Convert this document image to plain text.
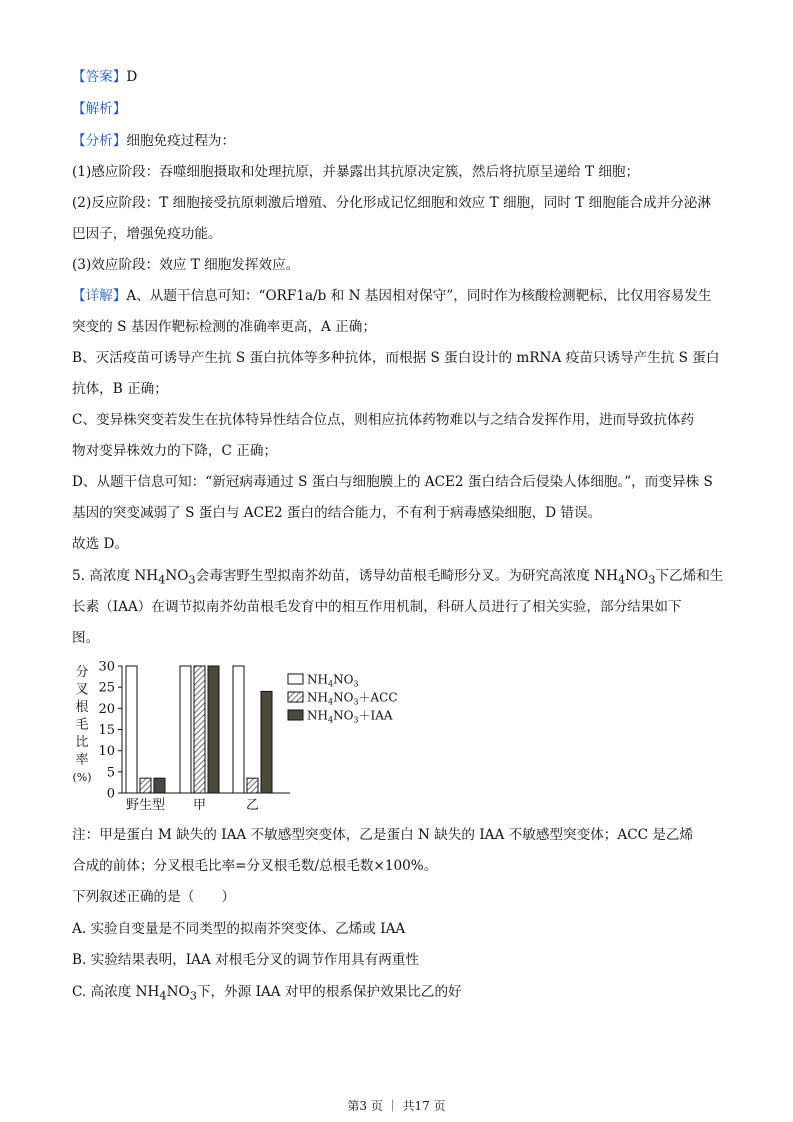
【答案】D
【解析】
【分析】细胞免疫过程为：
(1)感应阶段：吞噬细胞摄取和处理抗原，并暴露出其抗原决定簇，然后将抗原呈递给 T 细胞；
(2)反应阶段：T 细胞接受抗原刺激后增殖、分化形成记忆细胞和效应 T 细胞，同时 T 细胞能合成并分泌淋
巴因子，增强免疫功能。
(3)效应阶段：效应 T 细胞发挥效应。
【详解】A、从题干信息可知：“ORF1a/b 和 N 基因相对保守”，同时作为核酸检测靶标，比仅用容易发生
突变的 S 基因作靶标检测的准确率更高，A 正确；
B、灭活疫苗可诱导产生抗 S 蛋白抗体等多种抗体，而根据 S 蛋白设计的 mRNA 疫苗只诱导产生抗 S 蛋白
抗体，B 正确；
C、变异株突变若发生在抗体特异性结合位点，则相应抗体药物难以与之结合发挥作用，进而导致抗体药
物对变异株效力的下降，C 正确；
D、从题干信息可知：“新冠病毒通过 S 蛋白与细胞膜上的 ACE2 蛋白结合后侵染人体细胞。”，而变异株 S
基因的突变减弱了 S 蛋白与 ACE2 蛋白的结合能力，不有利于病毒感染细胞，D 错误。
故选 D。
5. 高浓度 $NH_4NO_3$会毒害野生型拟南芥幼苗，诱导幼苗根毛畸形分叉。为研究高浓度 $NH_4NO_3$下乙烯和生
长素（IAA）在调节拟南芥幼苗根毛发育中的相互作用机制，科研人员进行了相关实验，部分结果如下
图。
分
叉
根
毛
比
率
(%)
30
25
20
15
10
5
0
野生型 甲	乙
$NH_4NO_3$
$NH_4NO_3+ACC$
$NH_4NO_3+IAA$
注：甲是蛋白 M 缺失的 IAA 不敏感型突变体，乙是蛋白 N 缺失的 IAA 不敏感型突变体；ACC 是乙烯
合成的前体；分叉根毛比率=分叉根毛数/总根毛数×100%。
下列叙述正确的是（　　）
A. 实验自变量是不同类型的拟南芥突变体、乙烯或 IAA
B. 实验结果表明，IAA 对根毛分叉的调节作用具有两重性
C. 高浓度 $NH_4NO_3$下，外源 IAA 对甲的根系保护效果比乙的好
第3 页 ｜ 共17 页
